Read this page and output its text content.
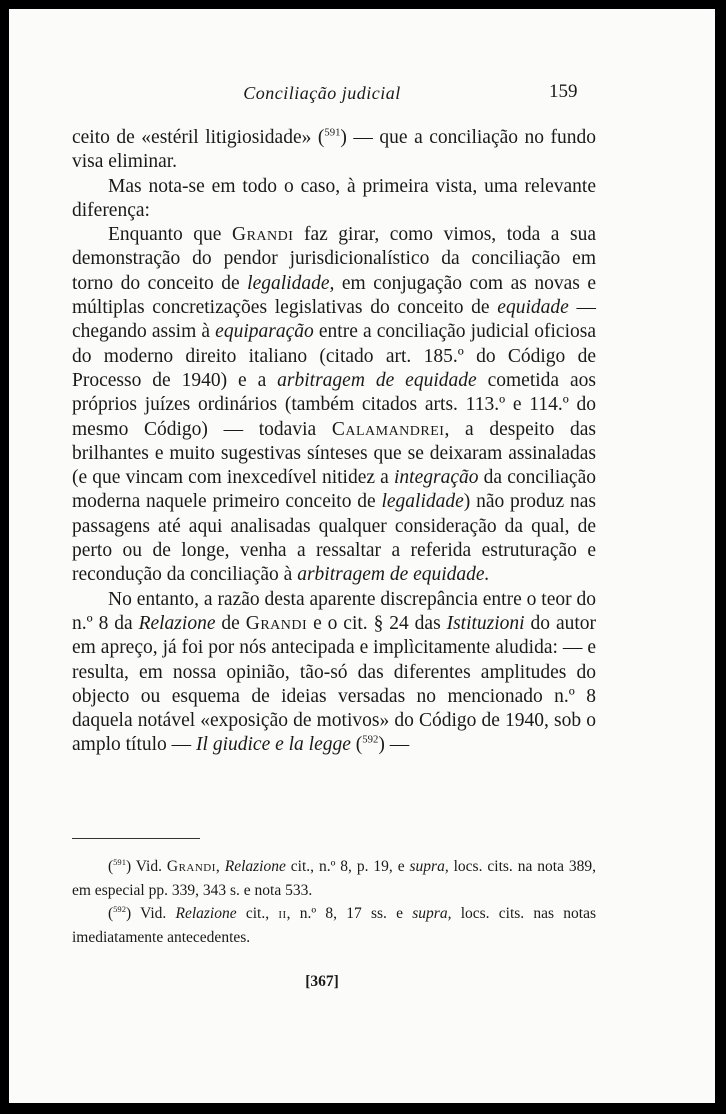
Conciliação judicial	159

ceito de «estéril litigiosidade» ($^{591}$) — que a conciliação no fundo visa eliminar.

Mas nota-se em todo o caso, à primeira vista, uma relevante diferença:

Enquanto que Grandi faz girar, como vimos, toda a sua demonstração do pendor jurisdicionalístico da conciliação em torno do conceito de legalidade, em conjugação com as novas e múltiplas concretizações legislativas do conceito de equidade — chegando assim à equiparação entre a conciliação judicial oficiosa do moderno direito italiano (citado art. 185.º do Código de Processo de 1940) e a arbitragem de equidade cometida aos próprios juízes ordinários (também citados arts. 113.º e 114.º do mesmo Código) — todavia Calamandrei, a despeito das brilhantes e muito sugestivas sínteses que se deixaram assinaladas (e que vincam com inexcedível nitidez a integração da conciliação moderna naquele primeiro conceito de legalidade) não produz nas passagens até aqui analisadas qualquer consideração da qual, de perto ou de longe, venha a ressaltar a referida estruturação e recondução da conciliação à arbitragem de equidade.

No entanto, a razão desta aparente discrepância entre o teor do n.º 8 da Relazione de Grandi e o cit. § 24 das Istituzioni do autor em apreço, já foi por nós antecipada e implìcitamente aludida: — e resulta, em nossa opinião, tão-só das diferentes amplitudes do objecto ou esquema de ideias versadas no mencionado n.º 8 daquela notável «exposição de motivos» do Código de 1940, sob o amplo título — Il giudice e la legge ($^{592}$) —

($^{591}$) Vid. Grandi, Relazione cit., n.º 8, p. 19, e supra, locs. cits. na nota 389, em especial pp. 339, 343 s. e nota 533.

($^{592}$) Vid. Relazione cit., ii, n.º 8, 17 ss. e supra, locs. cits. nas notas imediatamente antecedentes.

[367]
